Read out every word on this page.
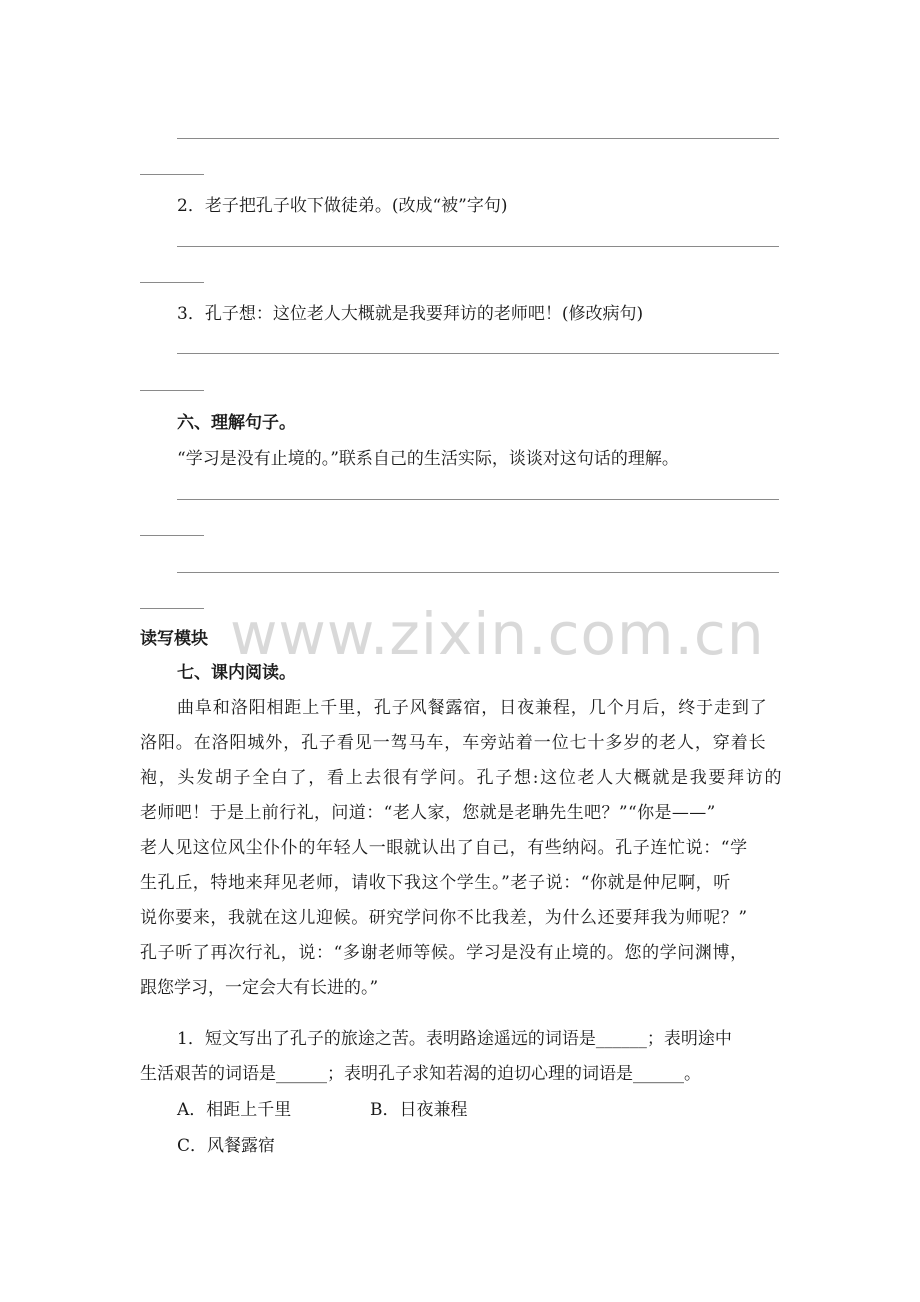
2．老子把孔子收下做徒弟。(改成“被”字句)
3．孔子想：这位老人大概就是我要拜访的老师吧！(修改病句)
六、理解句子。
“学习是没有止境的。”联系自己的生活实际，谈谈对这句话的理解。
www.zixin.com.cn
读写模块
七、课内阅读。
曲阜和洛阳相距上千里，孔子风餐露宿，日夜兼程，几个月后，终于走到了
洛阳。在洛阳城外，孔子看见一驾马车，车旁站着一位七十多岁的老人，穿着长
袍，头发胡子全白了，看上去很有学问。孔子想:这位老人大概就是我要拜访的
老师吧！于是上前行礼，问道：“老人家，您就是老聃先生吧？”“你是——”
老人见这位风尘仆仆的年轻人一眼就认出了自己，有些纳闷。孔子连忙说：“学
生孔丘，特地来拜见老师，请收下我这个学生。”老子说：“你就是仲尼啊，听
说你要来，我就在这儿迎候。研究学问你不比我差，为什么还要拜我为师呢？”
孔子听了再次行礼，说：“多谢老师等候。学习是没有止境的。您的学问渊博，
跟您学习，一定会大有长进的。”
1．短文写出了孔子的旅途之苦。表明路途遥远的词语是______；表明途中
生活艰苦的词语是______；表明孔子求知若渴的迫切心理的词语是______。
A．相距上千里	B．日夜兼程
C．风餐露宿
